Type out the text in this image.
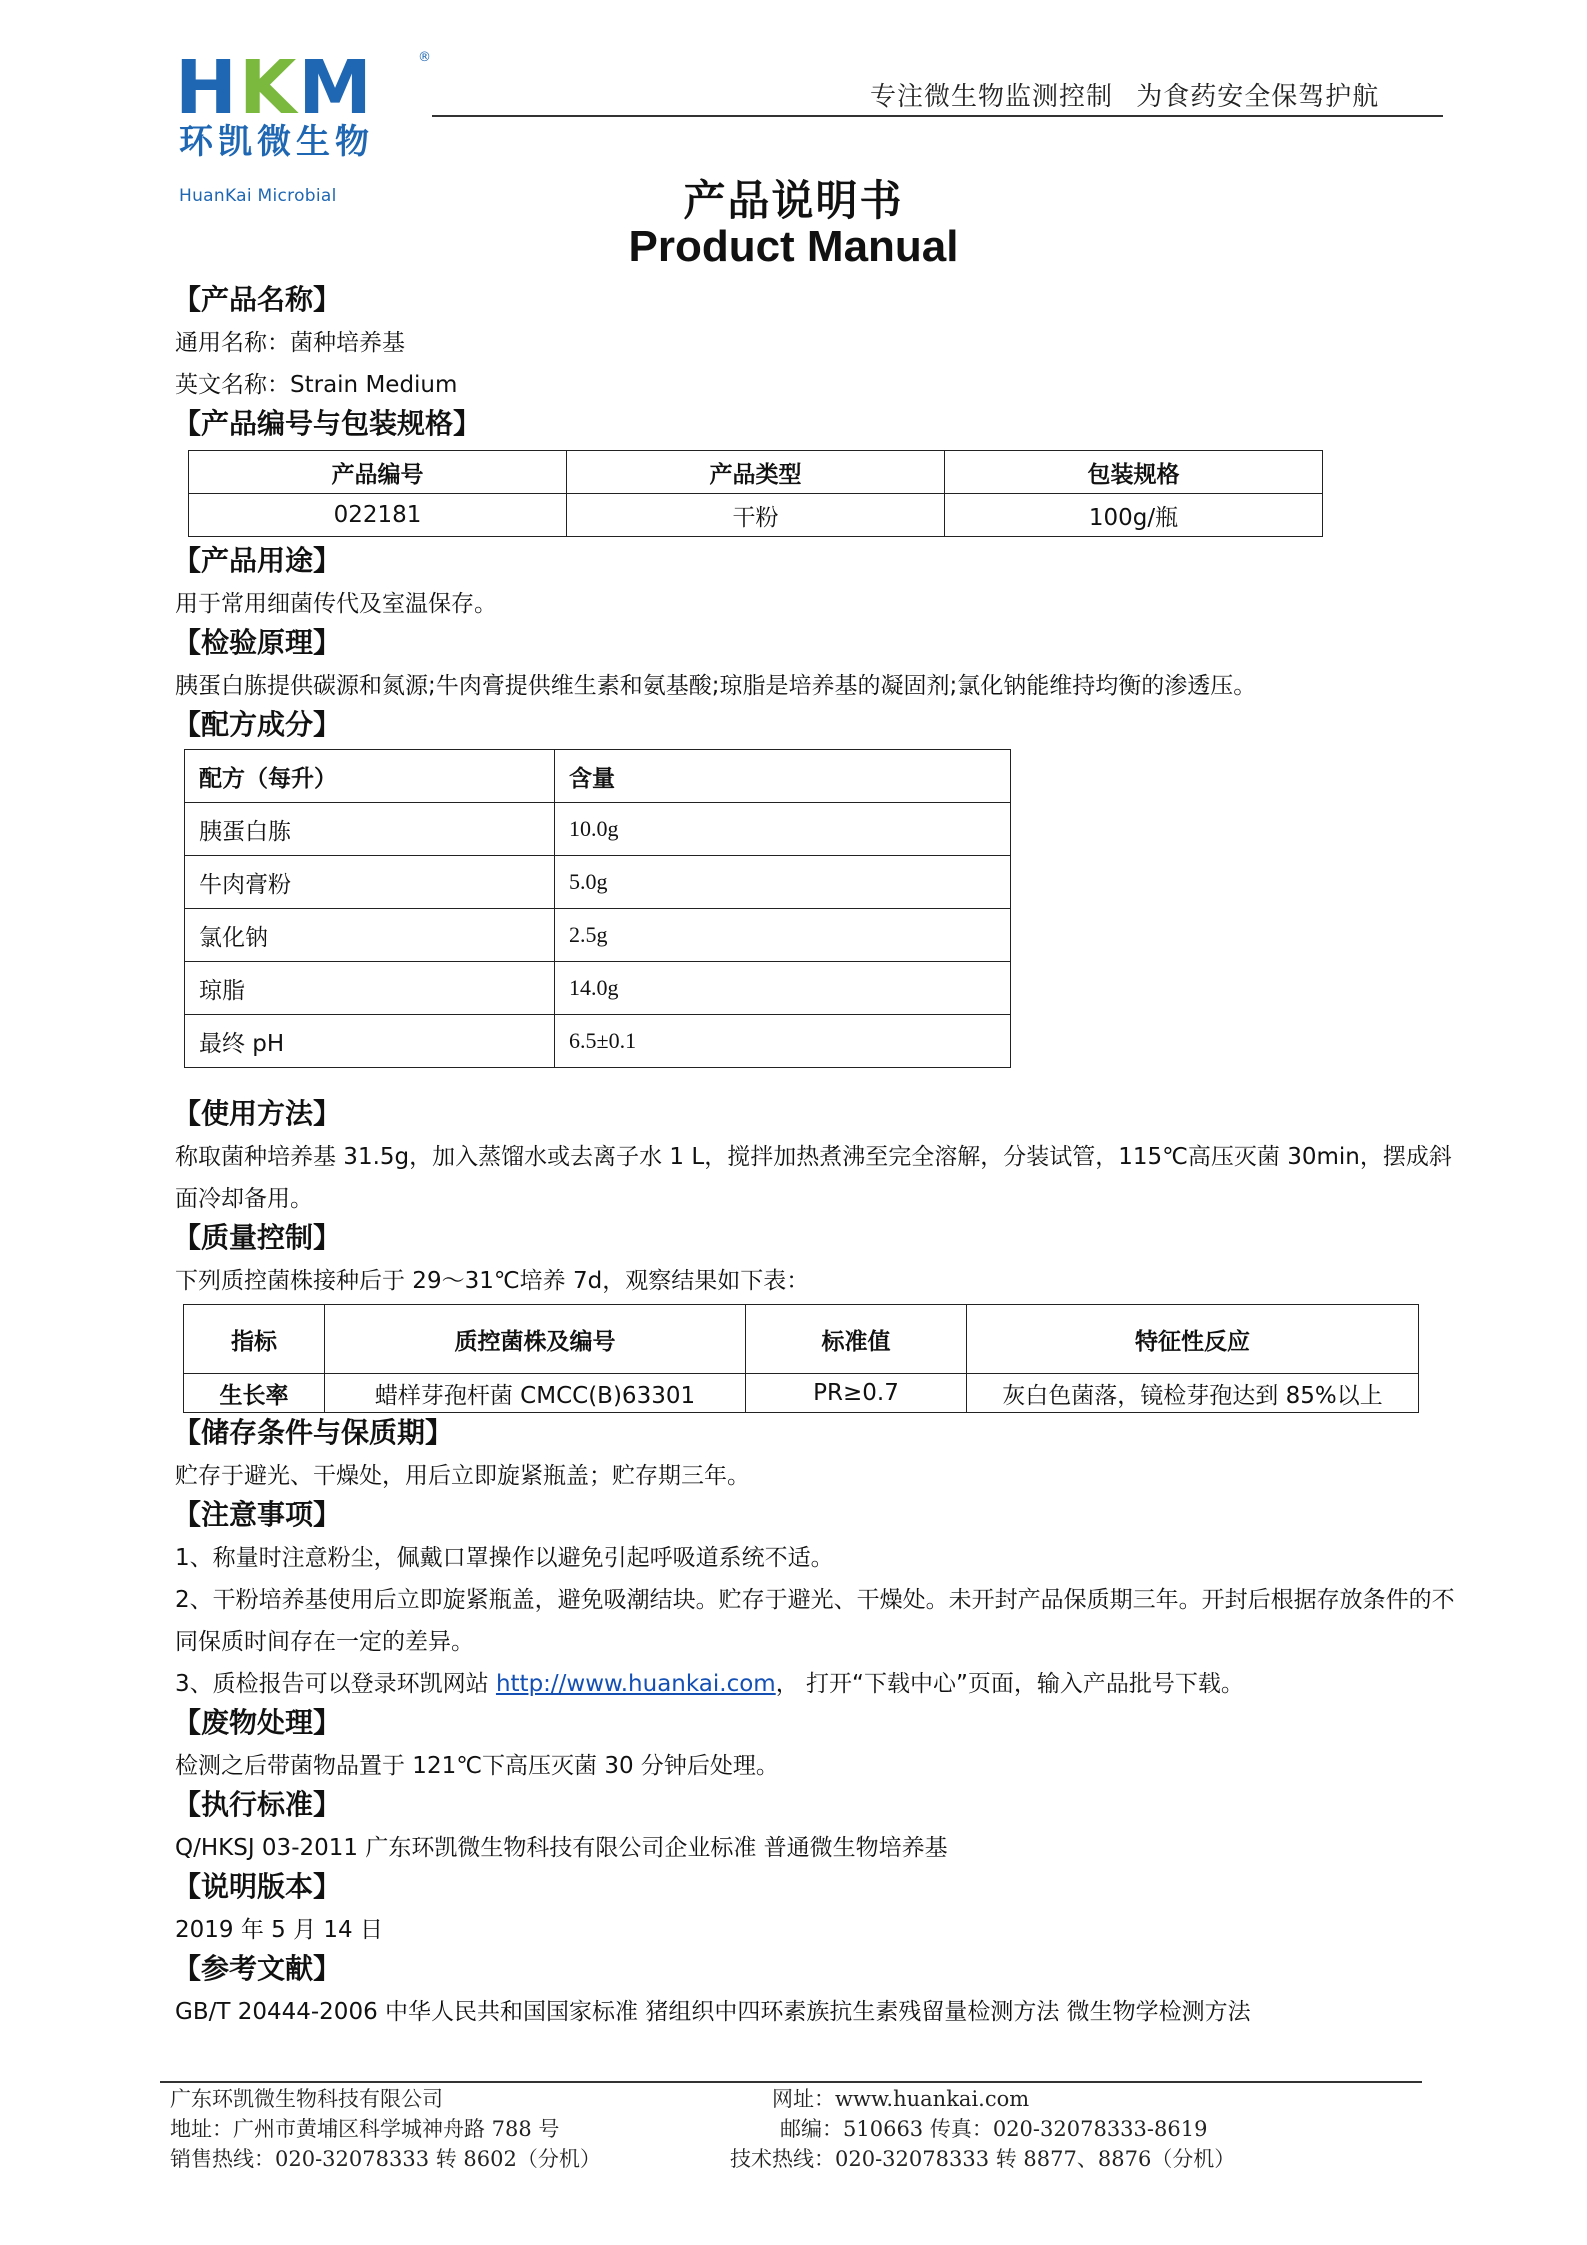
HKM	®
环凯微生物
HuanKai Microbial
专注微生物监测控制 为食药安全保驾护航
产品说明书
Product Manual
【产品名称】
通用名称：菌种培养基
英文名称：Strain Medium
【产品编号与包装规格】
产品编号	产品类型	包装规格
022181	干粉	100g/瓶
【产品用途】
用于常用细菌传代及室温保存。
【检验原理】
胰蛋白胨提供碳源和氮源;牛肉膏提供维生素和氨基酸;琼脂是培养基的凝固剂;氯化钠能维持均衡的渗透压。
【配方成分】
配方（每升）	含量
胰蛋白胨	10.0g
牛肉膏粉	5.0g
氯化钠	2.5g
琼脂	14.0g
最终 pH	6.5±0.1
【使用方法】
称取菌种培养基 31.5g，加入蒸馏水或去离子水 1 L，搅拌加热煮沸至完全溶解，分装试管，115℃高压灭菌 30min，摆成斜面冷却备用。
【质量控制】
下列质控菌株接种后于 29～31℃培养 7d，观察结果如下表：
指标	质控菌株及编号	标准值	特征性反应
生长率	蜡样芽孢杆菌 CMCC(B)63301	PR≥0.7	灰白色菌落，镜检芽孢达到 85%以上
【储存条件与保质期】
贮存于避光、干燥处，用后立即旋紧瓶盖；贮存期三年。
【注意事项】
1、称量时注意粉尘，佩戴口罩操作以避免引起呼吸道系统不适。
2、干粉培养基使用后立即旋紧瓶盖，避免吸潮结块。贮存于避光、干燥处。未开封产品保质期三年。开封后根据存放条件的不同保质时间存在一定的差异。
3、质检报告可以登录环凯网站 http://www.huankai.com， 打开“下载中心”页面，输入产品批号下载。
【废物处理】
检测之后带菌物品置于 121℃下高压灭菌 30 分钟后处理。
【执行标准】
Q/HKSJ 03-2011 广东环凯微生物科技有限公司企业标准 普通微生物培养基
【说明版本】
2019 年 5 月 14 日
【参考文献】
GB/T 20444-2006 中华人民共和国国家标准 猪组织中四环素族抗生素残留量检测方法 微生物学检测方法
广东环凯微生物科技有限公司
地址：广州市黄埔区科学城神舟路 788 号
销售热线：020-32078333 转 8602（分机）
网址：www.huankai.com
邮编：510663 传真：020-32078333-8619
技术热线：020-32078333 转 8877、8876（分机）
